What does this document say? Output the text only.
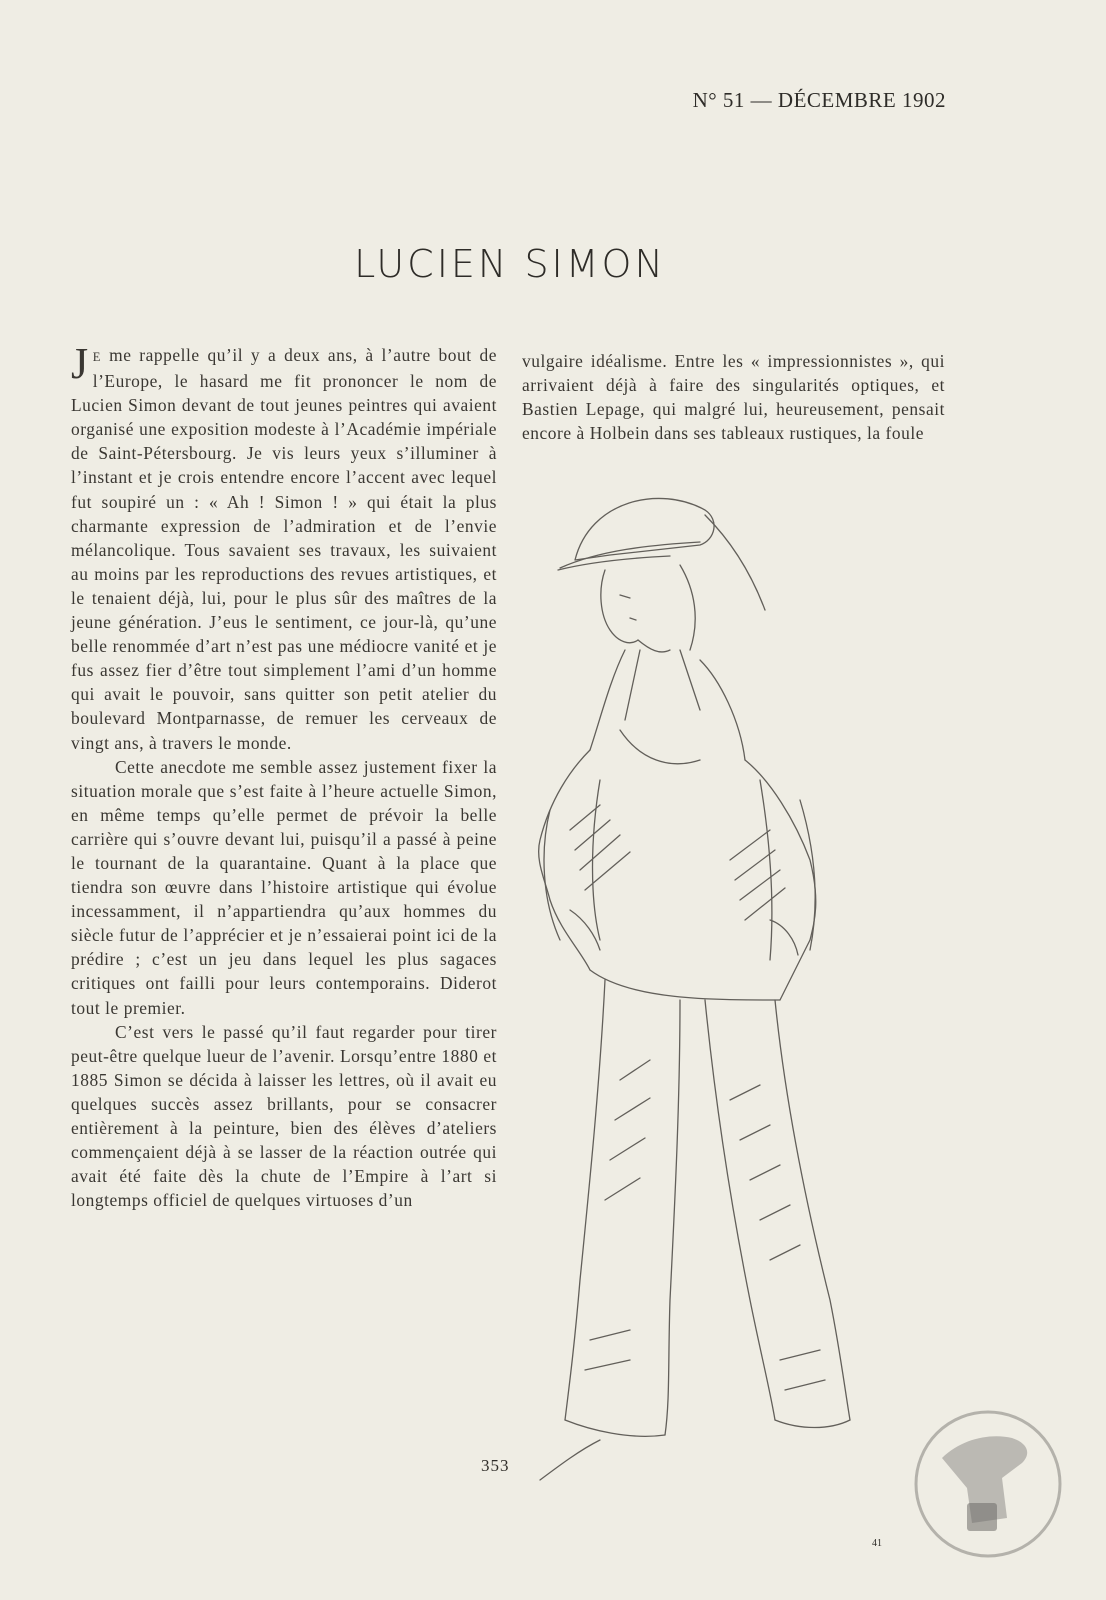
N° 51 — DÉCEMBRE 1902
LUCIEN SIMON

J E me rappelle qu’il y a deux ans, à l’autre bout de l’Europe, le hasard me fit prononcer le nom de Lucien Simon devant de tout jeunes peintres qui avaient organisé une exposition modeste à l’Académie impériale de Saint-Pétersbourg. Je vis leurs yeux s’illuminer à l’instant et je crois entendre encore l’accent avec lequel fut soupiré un : « Ah ! Simon ! » qui était la plus charmante expression de l’admiration et de l’envie mélancolique. Tous savaient ses travaux, les suivaient au moins par les reproductions des revues artistiques, et le tenaient déjà, lui, pour le plus sûr des maîtres de la jeune génération. J’eus le sentiment, ce jour-là, qu’une belle renommée d’art n’est pas une médiocre vanité et je fus assez fier d’être tout simplement l’ami d’un homme qui avait le pouvoir, sans quitter son petit atelier du boulevard Montparnasse, de remuer les cerveaux de vingt ans, à travers le monde.

Cette anecdote me semble assez justement fixer la situation morale que s’est faite à l’heure actuelle Simon, en même temps qu’elle permet de prévoir la belle carrière qui s’ouvre devant lui, puisqu’il a passé à peine le tournant de la quarantaine. Quant à la place que tiendra son œuvre dans l’histoire artistique qui évolue incessamment, il n’appartiendra qu’aux hommes du siècle futur de l’apprécier et je n’essaierai point ici de la prédire ; c’est un jeu dans lequel les plus sagaces critiques ont failli pour leurs contemporains. Diderot tout le premier.

C’est vers le passé qu’il faut regarder pour tirer peut-être quelque lueur de l’avenir. Lorsqu’entre 1880 et 1885 Simon se décida à laisser les lettres, où il avait eu quelques succès assez brillants, pour se consacrer entièrement à la peinture, bien des élèves d’ateliers commençaient déjà à se lasser de la réaction outrée qui avait été faite dès la chute de l’Empire à l’art si longtemps officiel de quelques virtuoses d’un

vulgaire idéalisme. Entre les « impressionnistes », qui arrivaient déjà à faire des singularités optiques, et Bastien Lepage, qui malgré lui, heureusement, pensait encore à Holbein dans ses tableaux rustiques, la foule

353
41
